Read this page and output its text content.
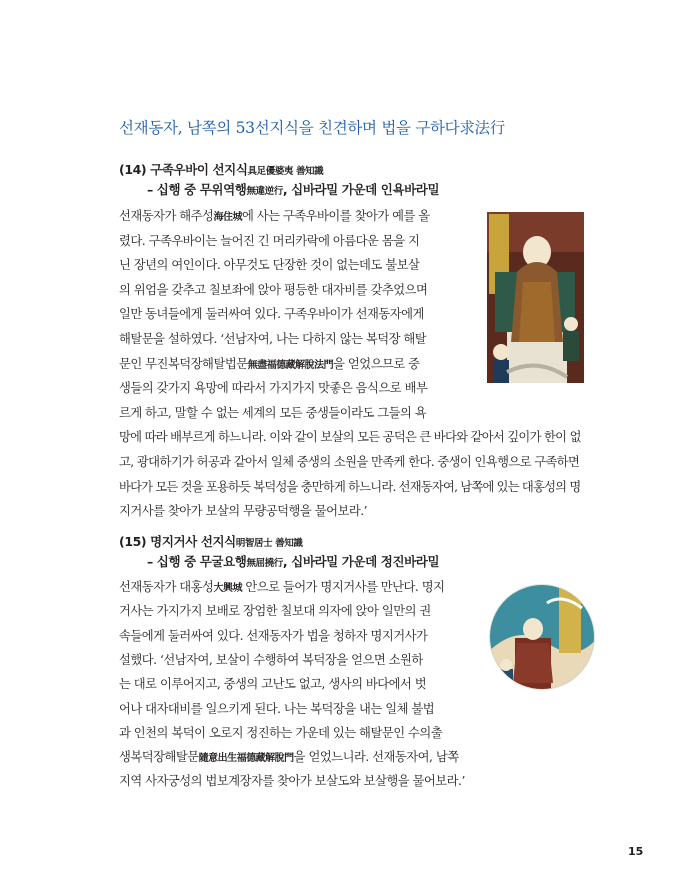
선재동자, 남쪽의 53선지식을 친견하며 법을 구하다求法行
(14) 구족우바이 선지식具足優婆夷 善知識
– 십행 중 무위역행無違逆行, 십바라밀 가운데 인욕바라밀
선재동자가 해주성海住城에 사는 구족우바이를 찾아가 예를 올
렸다. 구족우바이는 늘어진 긴 머리카락에 아름다운 몸을 지
닌 장년의 여인이다. 아무것도 단장한 것이 없는데도 불보살
의 위엄을 갖추고 칠보좌에 앉아 평등한 대자비를 갖추었으며
일만 동녀들에게 둘러싸여 있다. 구족우바이가 선재동자에게
해탈문을 설하였다. ‘선남자여, 나는 다하지 않는 복덕장 해탈
문인 무진복덕장해탈법문無盡福德藏解脫法門을 얻었으므로 중
생들의 갖가지 욕망에 따라서 가지가지 맛좋은 음식으로 배부
르게 하고, 말할 수 없는 세계의 모든 중생들이라도 그들의 욕
망에 따라 배부르게 하느니라. 이와 같이 보살의 모든 공덕은 큰 바다와 같아서 깊이가 한이 없
고, 광대하기가 허공과 같아서 일체 중생의 소원을 만족케 한다. 중생이 인욕행으로 구족하면
바다가 모든 것을 포용하듯 복덕성을 충만하게 하느니라. 선재동자여, 남쪽에 있는 대홍성의 명
지거사를 찾아가 보살의 무량공덕행을 물어보라.’
(15) 명지거사 선지식明智居士 善知識
– 십행 중 무굴요행無屈撓行, 십바라밀 가운데 정진바라밀
선재동자가 대홍성大興城 안으로 들어가 명지거사를 만난다. 명지
거사는 가지가지 보배로 장엄한 칠보대 의자에 앉아 일만의 권
속들에게 둘러싸여 있다. 선재동자가 법을 청하자 명지거사가
설했다. ‘선남자여, 보살이 수행하여 복덕장을 얻으면 소원하
는 대로 이루어지고, 중생의 고난도 없고, 생사의 바다에서 벗
어나 대자대비를 일으키게 된다. 나는 복덕장을 내는 일체 불법
과 인천의 복덕이 오로지 정진하는 가운데 있는 해탈문인 수의출
생복덕장해탈문隨意出生福德藏解脫門을 얻었느니라. 선재동자여, 남쪽
지역 사자궁성의 법보계장자를 찾아가 보살도와 보살행을 물어보라.’
15
